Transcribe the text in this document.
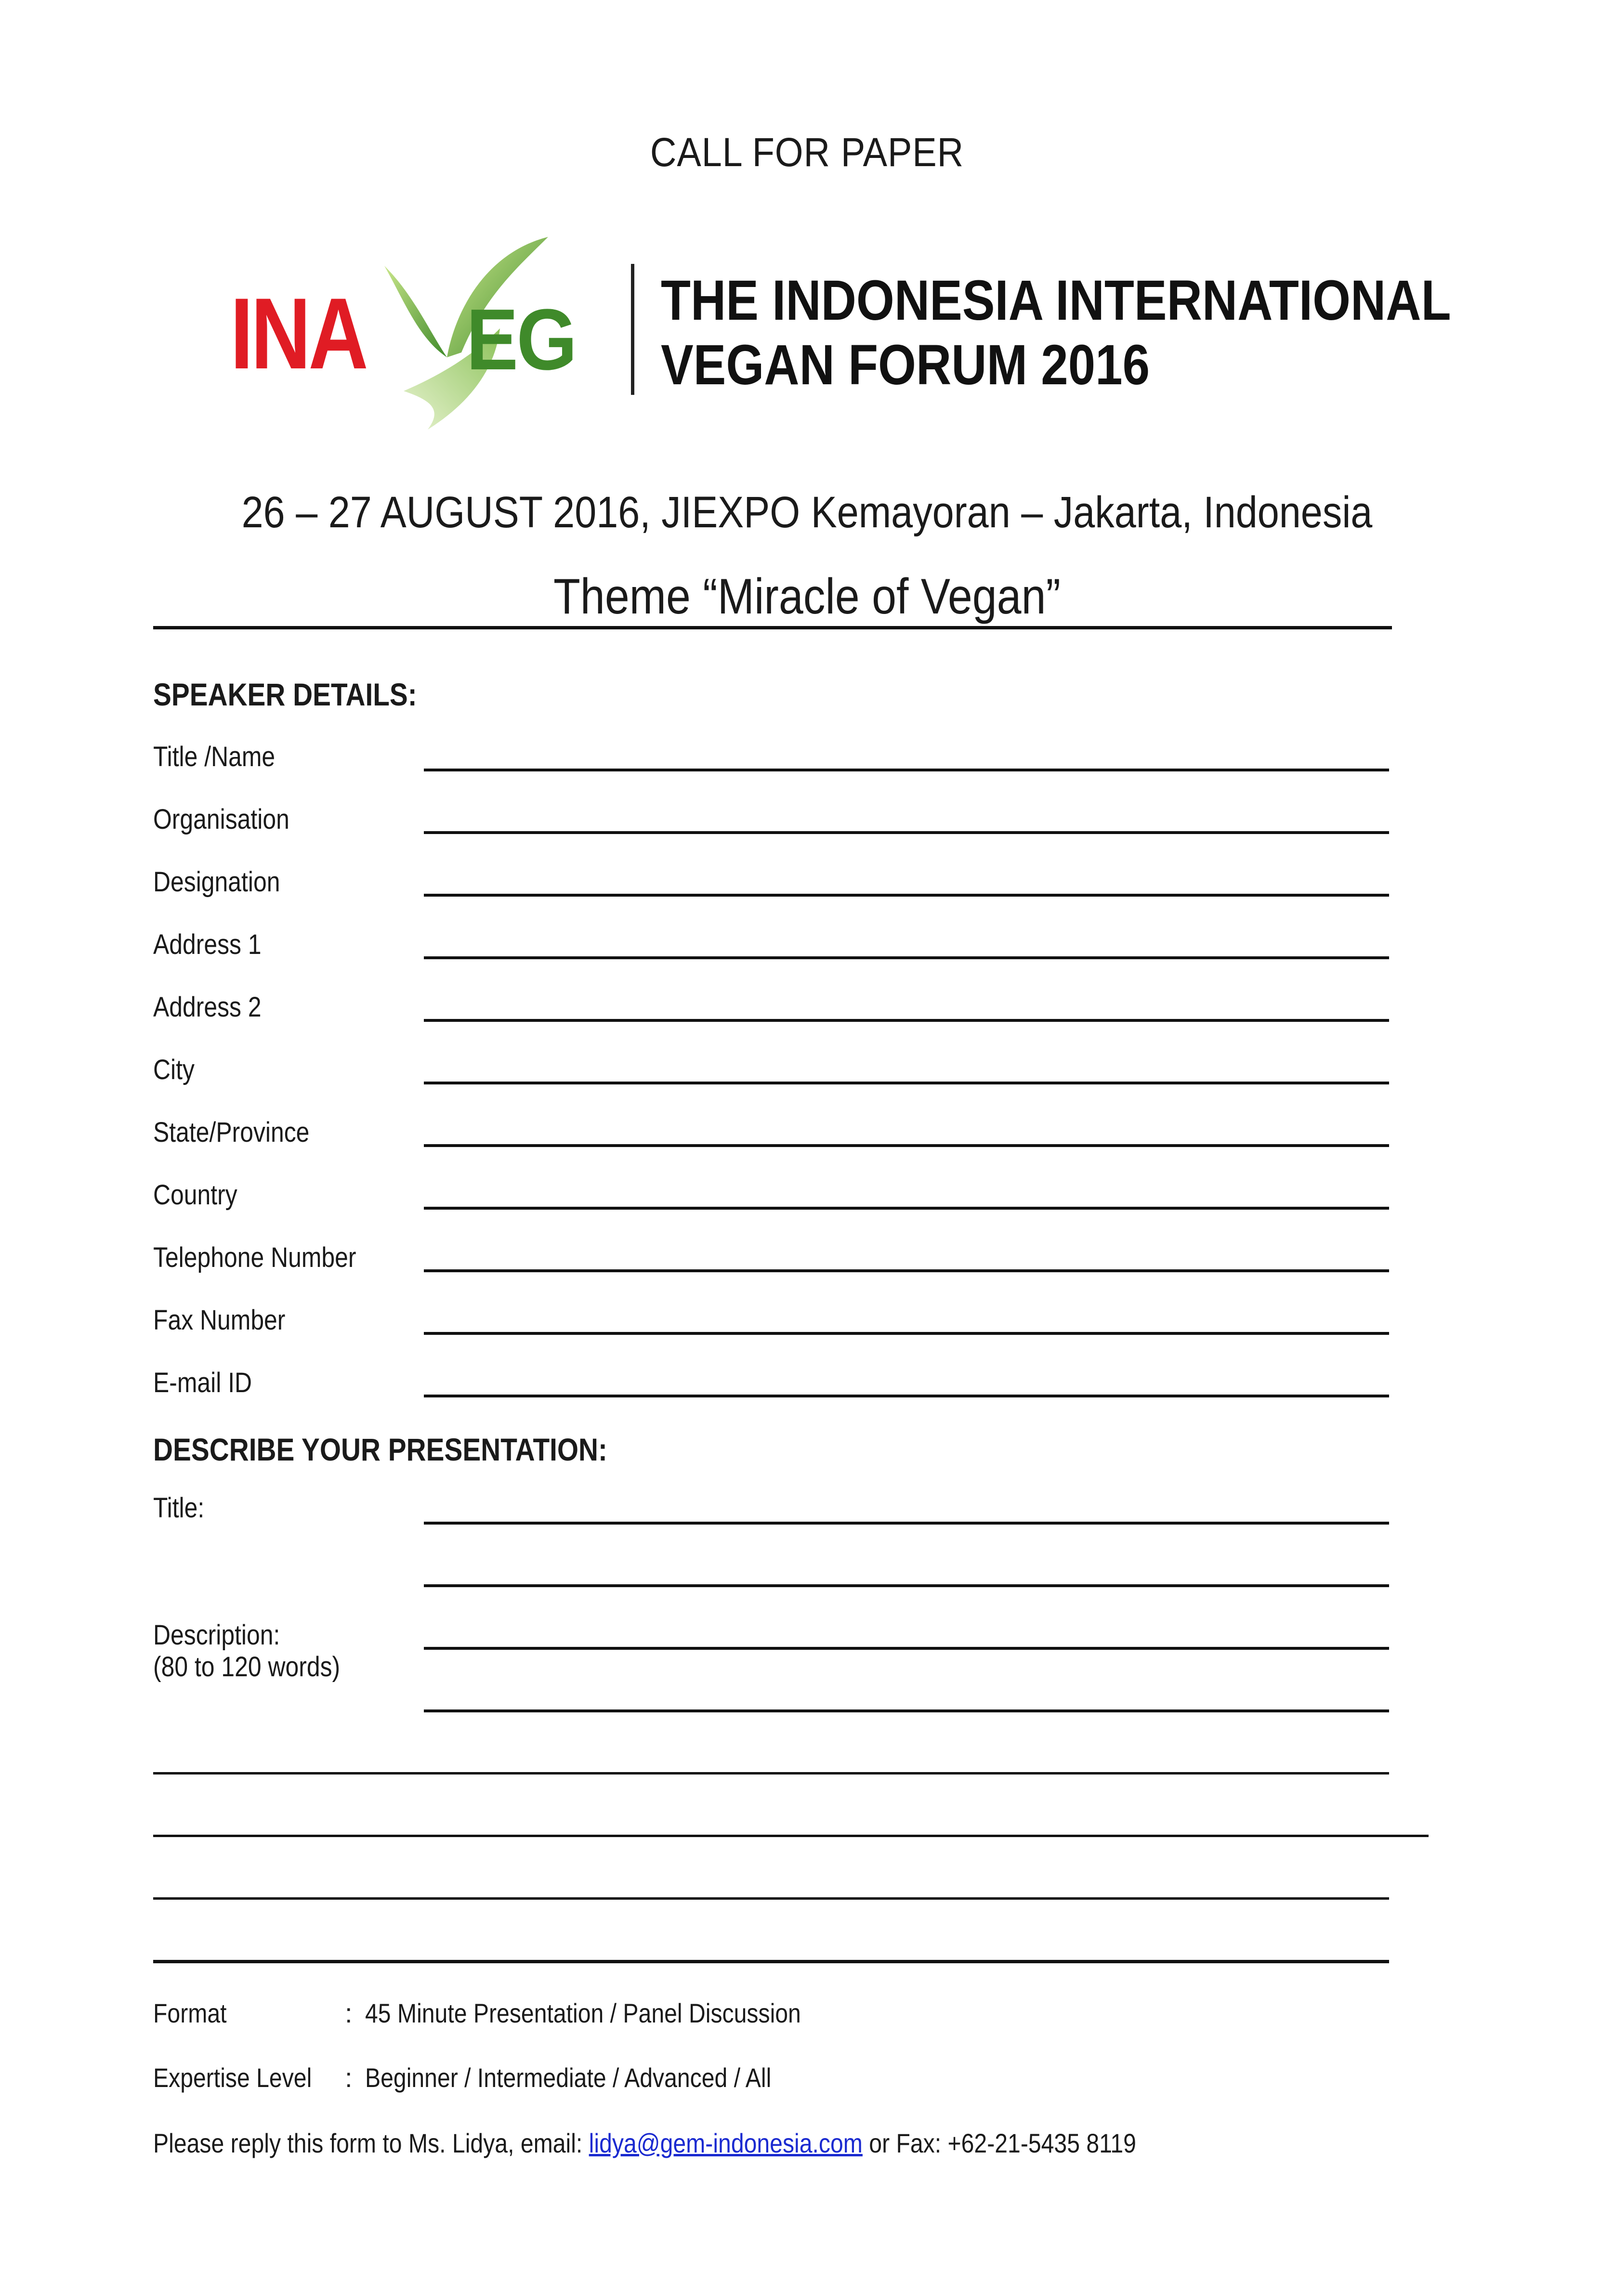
CALL FOR PAPER
INA EG THE INDONESIA INTERNATIONAL
VEGAN FORUM 2016
26 – 27 AUGUST 2016, JIEXPO Kemayoran – Jakarta, Indonesia
Theme “Miracle of Vegan”
SPEAKER DETAILS:
Title /Name
Organisation
Designation
Address 1
Address 2
City
State/Province
Country
Telephone Number
Fax Number
E-mail ID
DESCRIBE YOUR PRESENTATION:
Title:
Description:
(80 to 120 words)
Format	: 45 Minute Presentation / Panel Discussion
Expertise Level : Beginner / Intermediate / Advanced / All
Please reply this form to Ms. Lidya, email: lidya@gem-indonesia.com or Fax: +62-21-5435 8119
